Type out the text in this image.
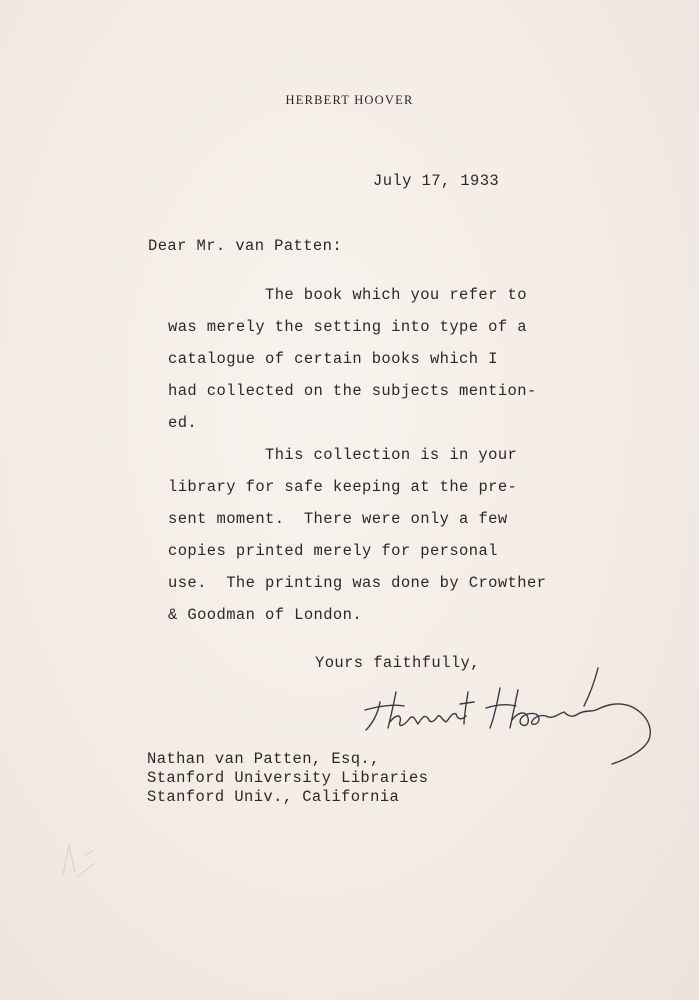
HERBERT HOOVER
July 17, 1933
Dear Mr. van Patten:
The book which you refer to
was merely the setting into type of a
catalogue of certain books which I
had collected on the subjects mention-
ed.
This collection is in your
library for safe keeping at the pre-
sent moment.  There were only a few
copies printed merely for personal
use.  The printing was done by Crowther
& Goodman of London.
Yours faithfully,
Nathan van Patten, Esq.,
Stanford University Libraries
Stanford Univ., California
